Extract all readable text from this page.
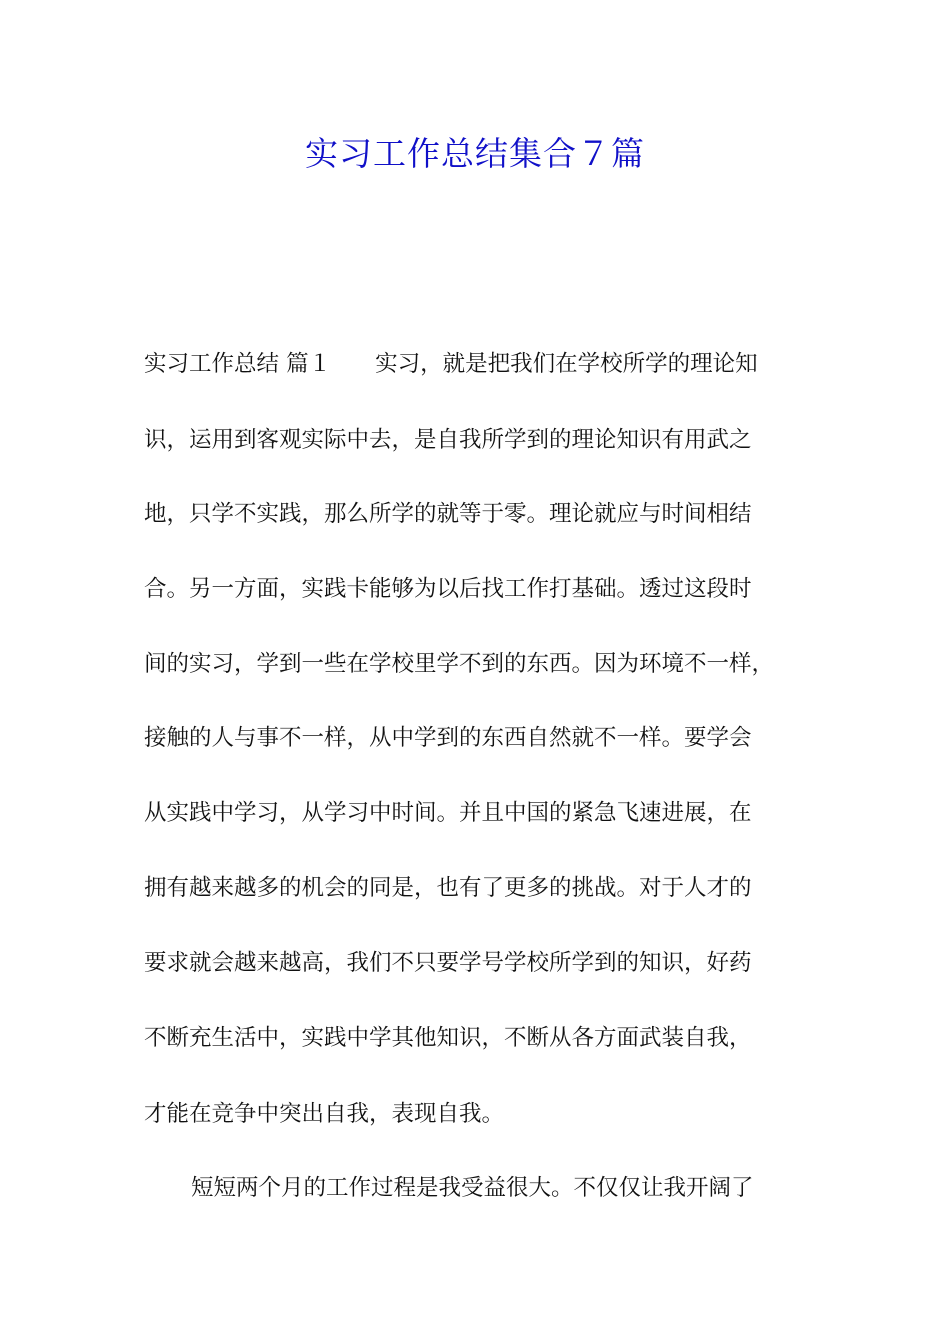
实习工作总结集合７篇
实习工作总结 篇１ 实习，就是把我们在学校所学的理论知
识，运用到客观实际中去，是自我所学到的理论知识有用武之
地，只学不实践，那么所学的就等于零。理论就应与时间相结
合。另一方面，实践卡能够为以后找工作打基础。透过这段时
间的实习，学到一些在学校里学不到的东西。因为环境不一样，
接触的人与事不一样，从中学到的东西自然就不一样。要学会
从实践中学习，从学习中时间。并且中国的紧急飞速进展，在
拥有越来越多的机会的同是，也有了更多的挑战。对于人才的
要求就会越来越高，我们不只要学号学校所学到的知识，好药
不断充生活中，实践中学其他知识，不断从各方面武装自我，
才能在竞争中突出自我，表现自我。
短短两个月的工作过程是我受益很大。不仅仅让我开阔了
